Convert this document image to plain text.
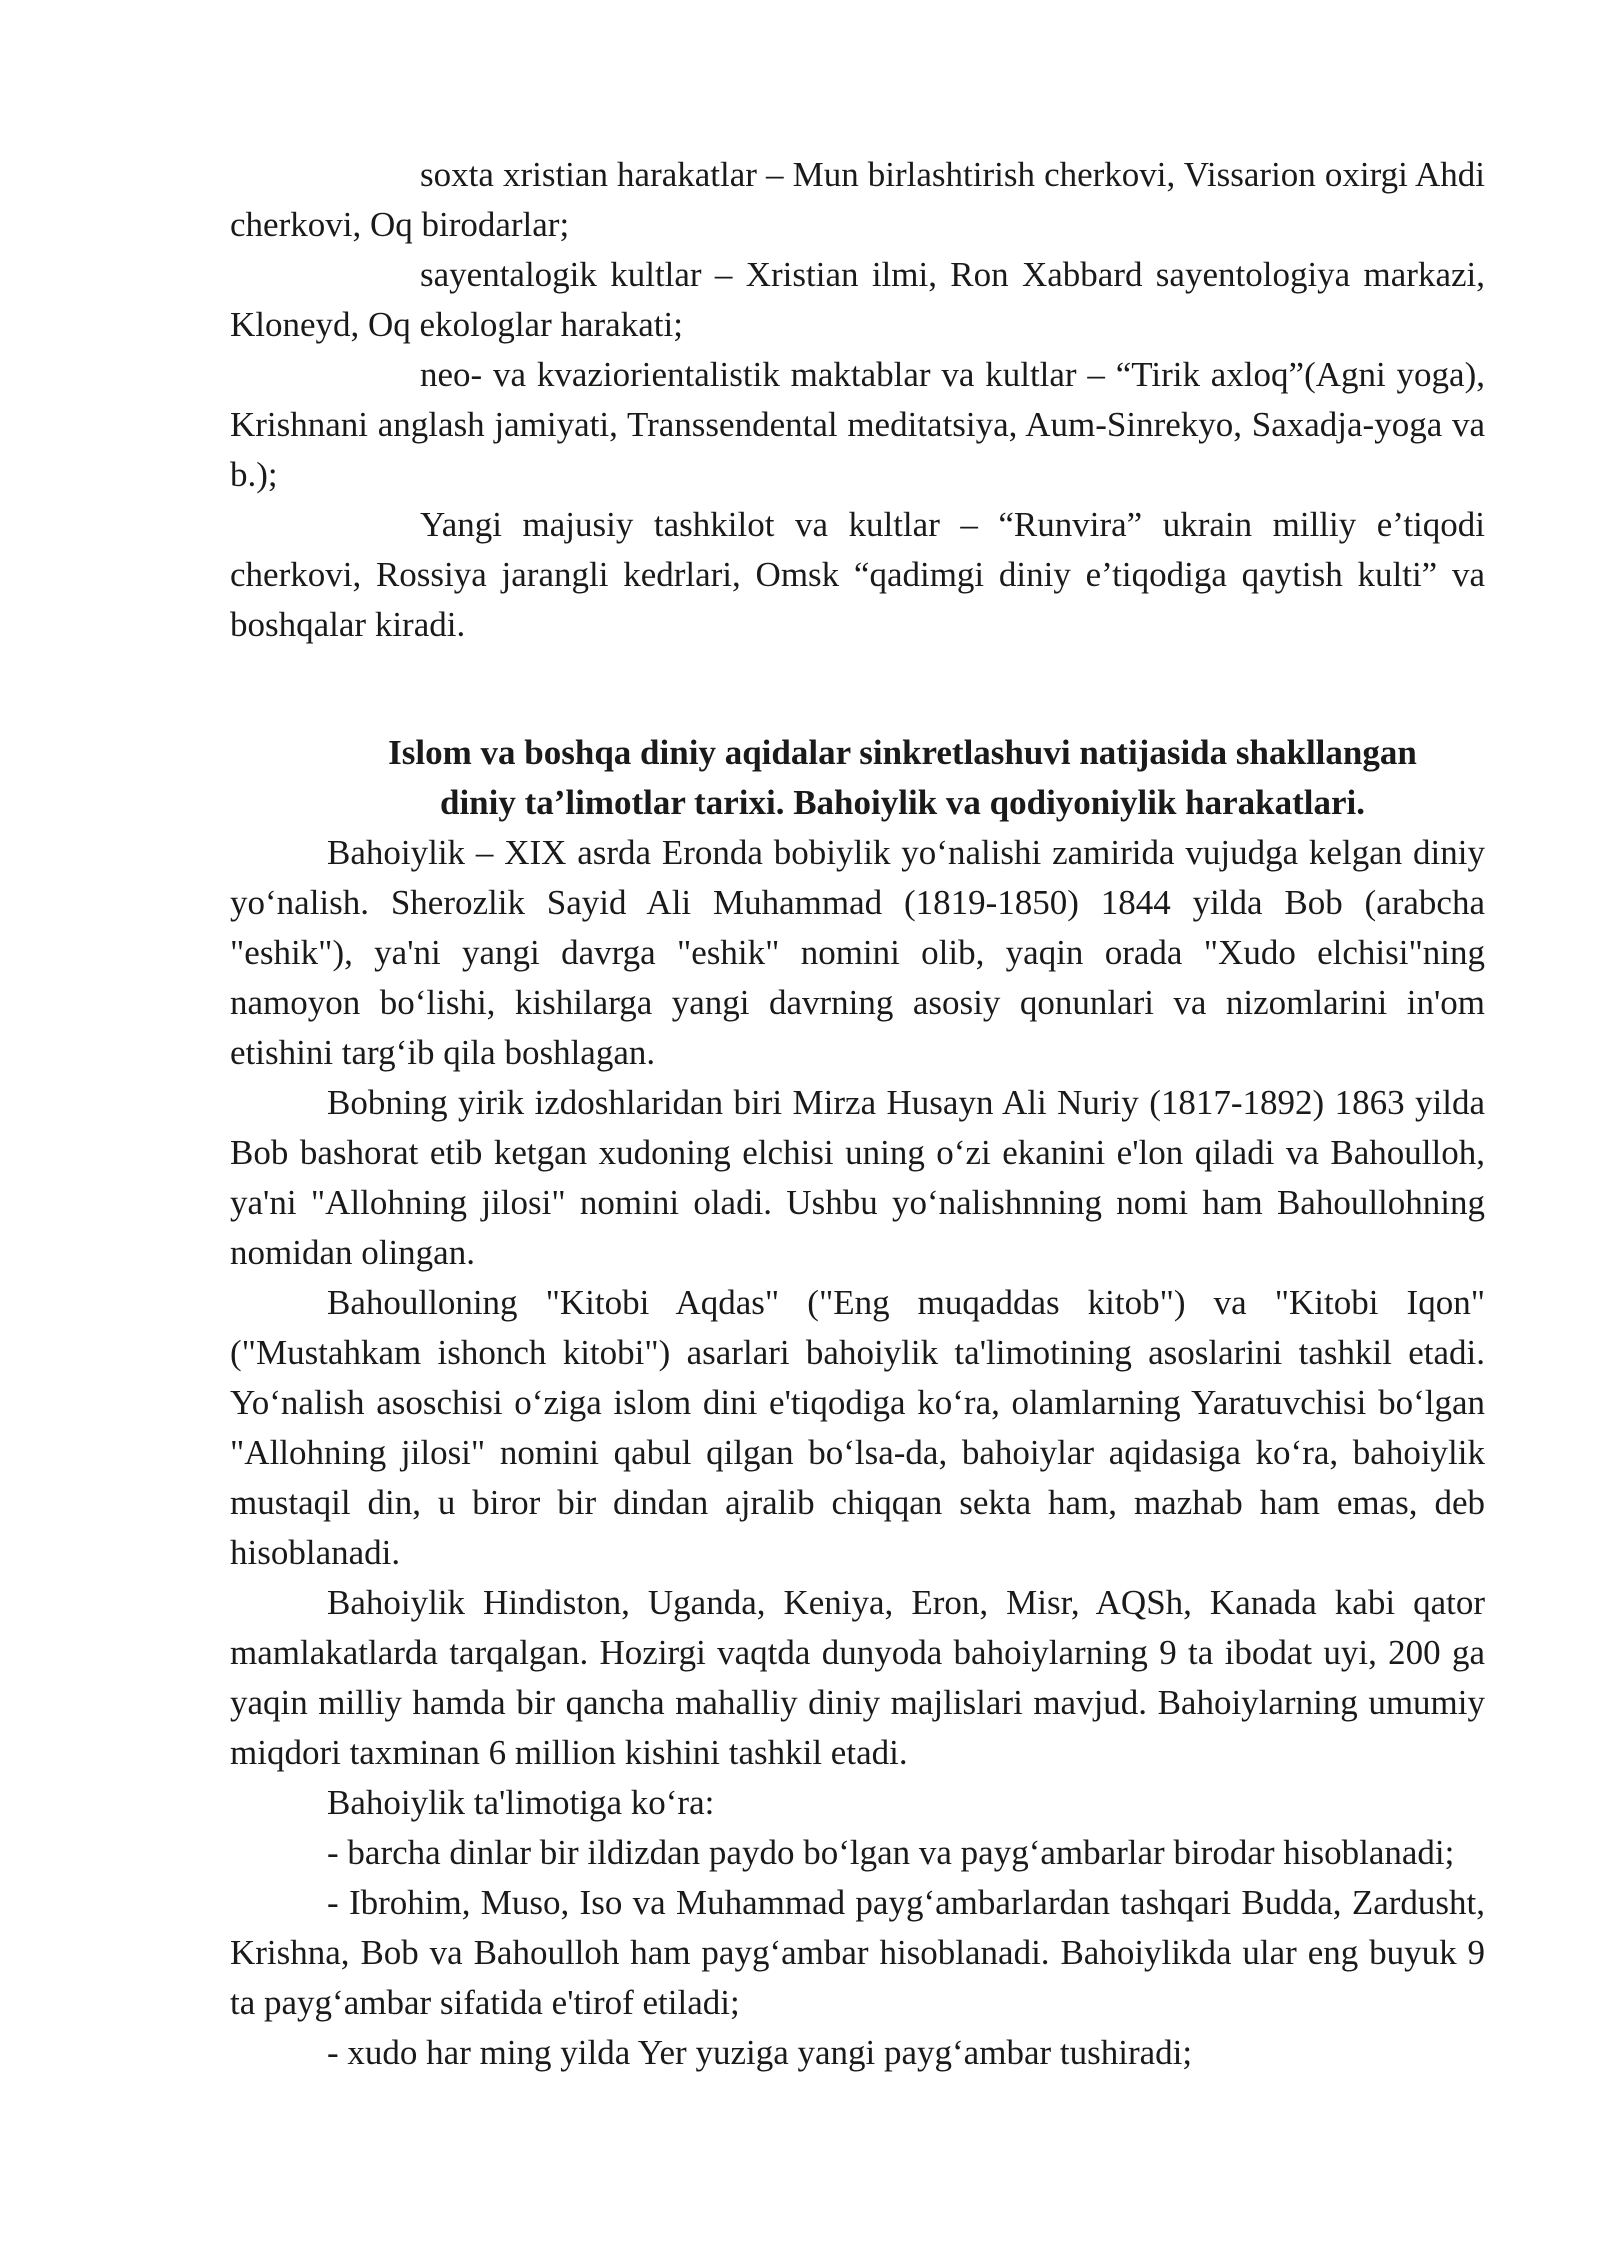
soxta xristian harakatlar – Mun birlashtirish cherkovi, Vissarion oxirgi Ahdi cherkovi, Oq birodarlar;

sayentalogik kultlar – Xristian ilmi, Ron Xabbard sayentologiya markazi, Kloneyd, Oq ekologlar harakati;

neo- va kvaziorientalistik maktablar va kultlar – “Tirik axloq”(Agni yoga), Krishnani anglash jamiyati, Transsendental meditatsiya, Aum-Sinrekyo, Saxadja-yoga va b.);

Yangi majusiy tashkilot va kultlar – “Runvira” ukrain milliy e’tiqodi cherkovi, Rossiya jarangli kedrlari, Omsk “qadimgi diniy e’tiqodiga qaytish kulti” va boshqalar kiradi.

Islom va boshqa diniy aqidalar sinkretlashuvi natijasida shakllangan
diniy ta’limotlar tarixi. Bahoiylik va qodiyoniylik harakatlari.

Bahoiylik – XIX asrda Eronda bobiylik yo‘nalishi zamirida vujudga kelgan diniy yo‘nalish. Sherozlik Sayid Ali Muhammad (1819-1850) 1844 yilda Bob (arabcha "eshik"), ya'ni yangi davrga "eshik" nomini olib, yaqin orada "Xudo elchisi"ning namoyon bo‘lishi, kishilarga yangi davrning asosiy qonunlari va nizomlarini in'om etishini targ‘ib qila boshlagan.

Bobning yirik izdoshlaridan biri Mirza Husayn Ali Nuriy (1817-1892) 1863 yilda Bob bashorat etib ketgan xudoning elchisi uning o‘zi ekanini e'lon qiladi va Bahoulloh, ya'ni "Allohning jilosi" nomini oladi. Ushbu yo‘nalishnning nomi ham Bahoullohning nomidan olingan.

Bahoulloning "Kitobi Aqdas" ("Eng muqaddas kitob") va "Kitobi Iqon" ("Mustahkam ishonch kitobi") asarlari bahoiylik ta'limotining asoslarini tashkil etadi. Yo‘nalish asoschisi o‘ziga islom dini e'tiqodiga ko‘ra, olamlarning Yaratuvchisi bo‘lgan "Allohning jilosi" nomini qabul qilgan bo‘lsa-da, bahoiylar aqidasiga ko‘ra, bahoiylik mustaqil din, u biror bir dindan ajralib chiqqan sekta ham, mazhab ham emas, deb hisoblanadi.

Bahoiylik Hindiston, Uganda, Keniya, Eron, Misr, AQSh, Kanada kabi qator mamlakatlarda tarqalgan. Hozirgi vaqtda dunyoda bahoiylarning 9 ta ibodat uyi, 200 ga yaqin milliy hamda bir qancha mahalliy diniy majlislari mavjud. Bahoiylarning umumiy miqdori taxminan 6 million kishini tashkil etadi.

Bahoiylik ta'limotiga ko‘ra:

- barcha dinlar bir ildizdan paydo bo‘lgan va payg‘ambarlar birodar hisoblanadi;

- Ibrohim, Muso, Iso va Muhammad payg‘ambarlardan tashqari Budda, Zardusht, Krishna, Bob va Bahoulloh ham payg‘ambar hisoblanadi. Bahoiylikda ular eng buyuk 9 ta payg‘ambar sifatida e'tirof etiladi;

- xudo har ming yilda Yer yuziga yangi payg‘ambar tushiradi;
